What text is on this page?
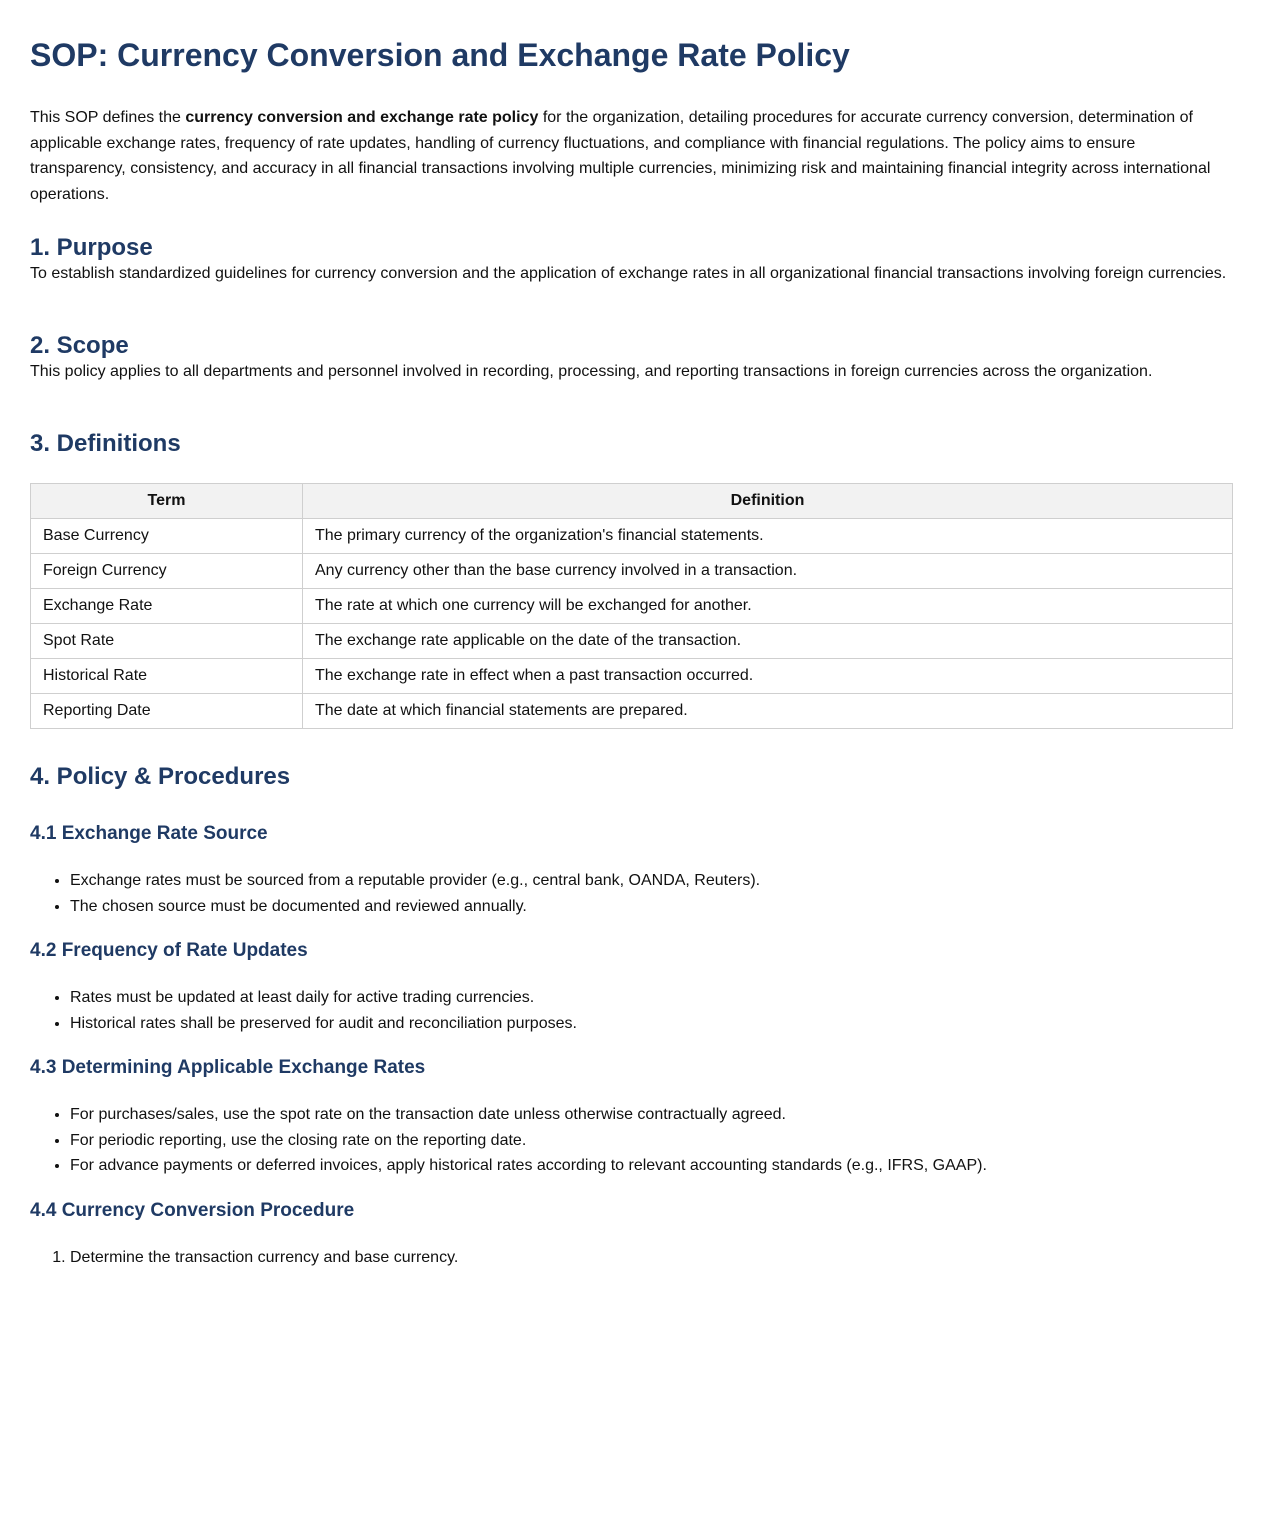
SOP: Currency Conversion and Exchange Rate Policy

This SOP defines the currency conversion and exchange rate policy for the organization, detailing procedures for accurate currency conversion, determination of applicable exchange rates, frequency of rate updates, handling of currency fluctuations, and compliance with financial regulations. The policy aims to ensure transparency, consistency, and accuracy in all financial transactions involving multiple currencies, minimizing risk and maintaining financial integrity across international operations.

1. Purpose

To establish standardized guidelines for currency conversion and the application of exchange rates in all organizational financial transactions involving foreign currencies.

2. Scope

This policy applies to all departments and personnel involved in recording, processing, and reporting transactions in foreign currencies across the organization.

3. Definitions
Term	Definition
Base Currency	The primary currency of the organization's financial statements.
Foreign Currency	Any currency other than the base currency involved in a transaction.
Exchange Rate	The rate at which one currency will be exchanged for another.
Spot Rate	The exchange rate applicable on the date of the transaction.
Historical Rate	The exchange rate in effect when a past transaction occurred.
Reporting Date	The date at which financial statements are prepared.
4. Policy & Procedures
4.1 Exchange Rate Source
• Exchange rates must be sourced from a reputable provider (e.g., central bank, OANDA, Reuters).
• The chosen source must be documented and reviewed annually.
4.2 Frequency of Rate Updates
• Rates must be updated at least daily for active trading currencies.
• Historical rates shall be preserved for audit and reconciliation purposes.
4.3 Determining Applicable Exchange Rates
• For purchases/sales, use the spot rate on the transaction date unless otherwise contractually agreed.
• For periodic reporting, use the closing rate on the reporting date.
• For advance payments or deferred invoices, apply historical rates according to relevant accounting standards (e.g., IFRS, GAAP).
4.4 Currency Conversion Procedure
1. Determine the transaction currency and base currency.
